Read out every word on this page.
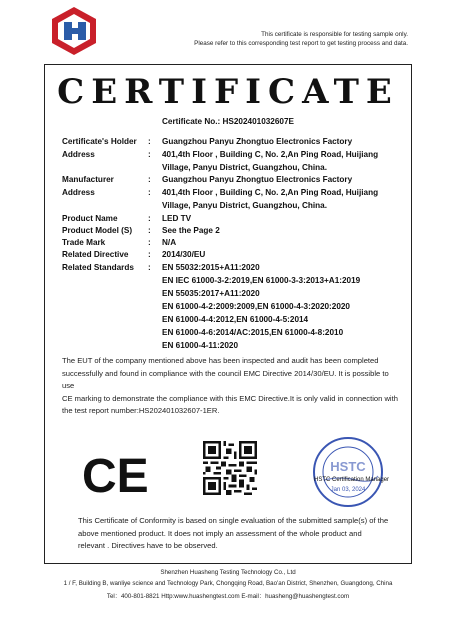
This certificate is responsible for testing sample only.
Please refer to this corresponding test report to get testing process and data.
CERTIFICATE
Certificate No.: HS202401032607E
Certificate's Holder : Guangzhou Panyu Zhongtuo Electronics Factory
Address	: 401,4th Floor , Building C, No. 2,An Ping Road, Huijiang
Village, Panyu District, Guangzhou, China.
Manufacturer	: Guangzhou Panyu Zhongtuo Electronics Factory
Address	: 401,4th Floor , Building C, No. 2,An Ping Road, Huijiang
Village, Panyu District, Guangzhou, China.
Product Name	: LED TV
Product Model (S) : See the Page 2
Trade Mark	: N/A
Related Directive : 2014/30/EU
Related Standards : EN 55032:2015+A11:2020
EN IEC 61000-3-2:2019,EN 61000-3-3:2013+A1:2019
EN 55035:2017+A11:2020
EN 61000-4-2:2009:2009,EN 61000-4-3:2020:2020
EN 61000-4-4:2012,EN 61000-4-5:2014
EN 61000-4-6:2014/AC:2015,EN 61000-4-8:2010
EN 61000-4-11:2020
The EUT of the company mentioned above has been inspected and audit has been completed
successfully and found in compliance with the council EMC Directive 2014/30/EU. It is possible to use
CE marking to demonstrate the compliance with this EMC Directive.It is only valid in connection with
the test report number:HS202401032607-1ER.
CE	HSTC
HSTC Certification Manager
Jan 03, 2024
This Certificate of Conformity is based on single evaluation of the submitted sample(s) of the
above mentioned product. It does not imply an assessment of the whole product and
relevant . Directives have to be observed.
Shenzhen Huasheng Testing Technology Co., Ltd
1 / F, Building B, wanliye science and Technology Park, Chongqing Road, Bao'an District, Shenzhen, Guangdong, China
Tel：400-801-8821 Http:www.huashengtest.com E-mail：huasheng@huashengtest.com
